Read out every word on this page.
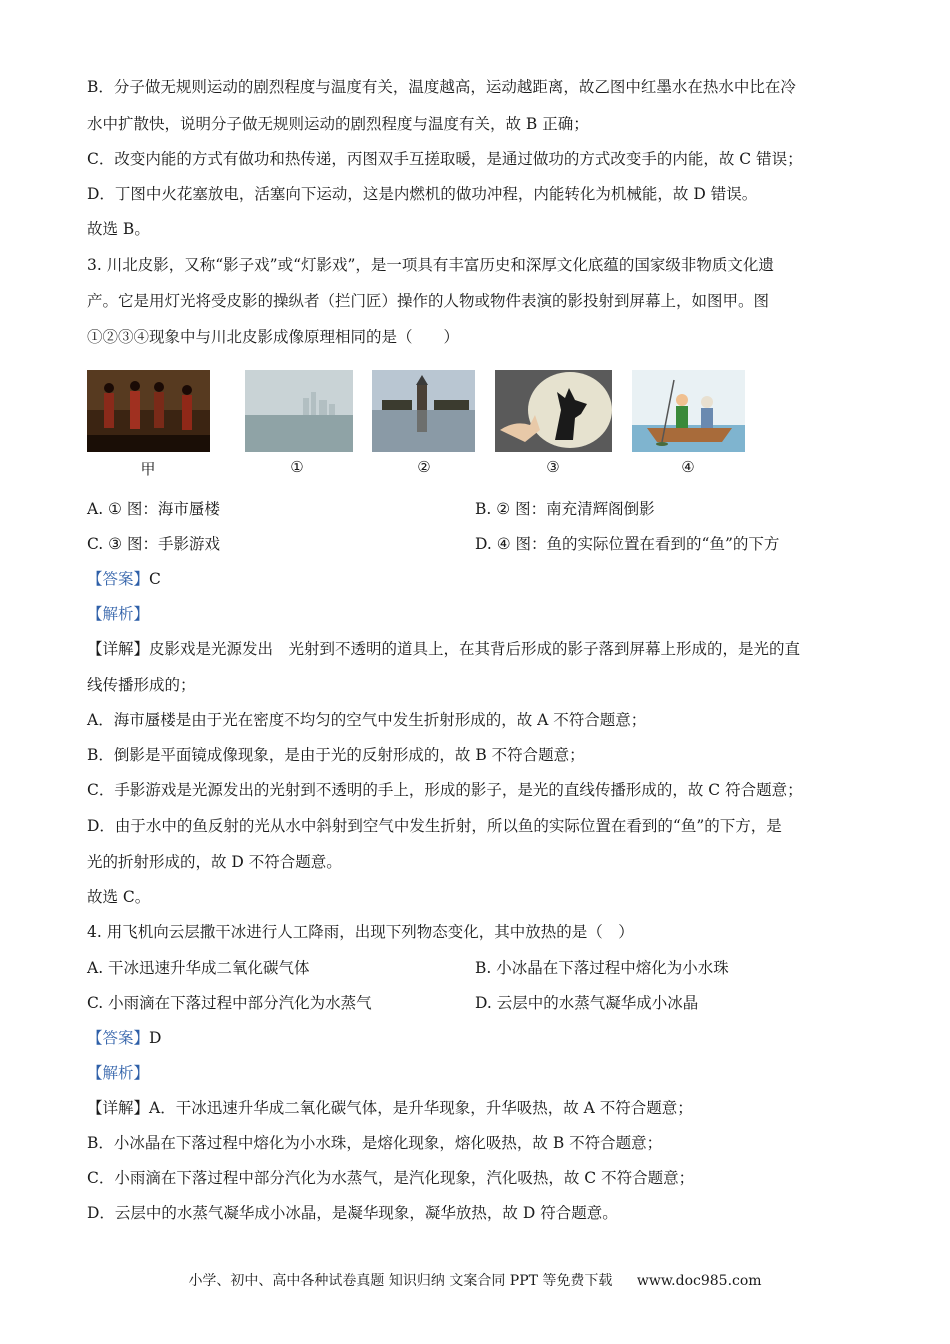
B．分子做无规则运动的剧烈程度与温度有关，温度越高，运动越距离，故乙图中红墨水在热水中比在冷
水中扩散快，说明分子做无规则运动的剧烈程度与温度有关，故 B 正确；
C．改变内能的方式有做功和热传递，丙图双手互搓取暖，是通过做功的方式改变手的内能，故 C 错误；
D．丁图中火花塞放电，活塞向下运动，这是内燃机的做功冲程，内能转化为机械能，故 D 错误。
故选 B。
3. 川北皮影，又称“影子戏”或“灯影戏”，是一项具有丰富历史和深厚文化底蕴的国家级非物质文化遗
产。它是用灯光将受皮影的操纵者（拦门匠）操作的人物或物件表演的影投射到屏幕上，如图甲。图
①②③④现象中与川北皮影成像原理相同的是（　　）
甲	①	②	③	④
A. ① 图：海市蜃楼	B. ② 图：南充清辉阁倒影
C. ③ 图：手影游戏	D. ④ 图：鱼的实际位置在看到的“鱼”的下方
【答案】C
【解析】
【详解】皮影戏是光源发出　光射到不透明的道具上，在其背后形成的影子落到屏幕上形成的，是光的直
线传播形成的；
A．海市蜃楼是由于光在密度不均匀的空气中发生折射形成的，故 A 不符合题意；
B．倒影是平面镜成像现象，是由于光的反射形成的，故 B 不符合题意；
C．手影游戏是光源发出的光射到不透明的手上，形成的影子，是光的直线传播形成的，故 C 符合题意；
D．由于水中的鱼反射的光从水中斜射到空气中发生折射，所以鱼的实际位置在看到的“鱼”的下方，是
光的折射形成的，故 D 不符合题意。
故选 C。
4. 用飞机向云层撒干冰进行人工降雨，出现下列物态变化，其中放热的是（　）
A. 干冰迅速升华成二氧化碳气体	B. 小冰晶在下落过程中熔化为小水珠
C. 小雨滴在下落过程中部分汽化为水蒸气	D. 云层中的水蒸气凝华成小冰晶
【答案】D
【解析】
【详解】A．干冰迅速升华成二氧化碳气体，是升华现象，升华吸热，故 A 不符合题意；
B．小冰晶在下落过程中熔化为小水珠，是熔化现象，熔化吸热，故 B 不符合题意；
C．小雨滴在下落过程中部分汽化为水蒸气，是汽化现象，汽化吸热，故 C 不符合题意；
D．云层中的水蒸气凝华成小冰晶，是凝华现象，凝华放热，故 D 符合题意。
小学、初中、高中各种试卷真题 知识归纳 文案合同 PPT 等免费下载 www.doc985.com
